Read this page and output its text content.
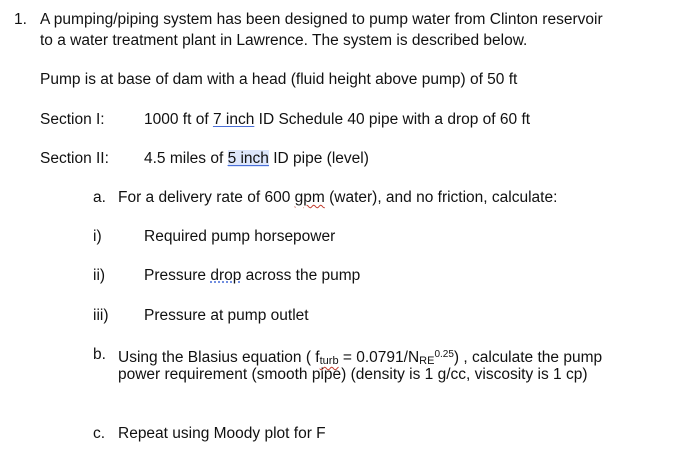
1. A pumping/piping system has been designed to pump water from Clinton reservoir
to a water treatment plant in Lawrence. The system is described below.
Pump is at base of dam with a head (fluid height above pump) of 50 ft
Section I:	1000 ft of 7 inch ID Schedule 40 pipe with a drop of 60 ft
Section II: 4.5 miles of 5 inch ID pipe (level)
a. For a delivery rate of 600 gpm (water), and no friction, calculate:
i)	Required pump horsepower
ii)	Pressure drop across the pump
iii) Pressure at pump outlet
b. Using the Blasius equation ( fturb = $0.0791/NRE^{0.25}$) , calculate the pump
power requirement (smooth pipe) (density is 1 g/cc, viscosity is 1 cp)
c. Repeat using Moody plot for F
